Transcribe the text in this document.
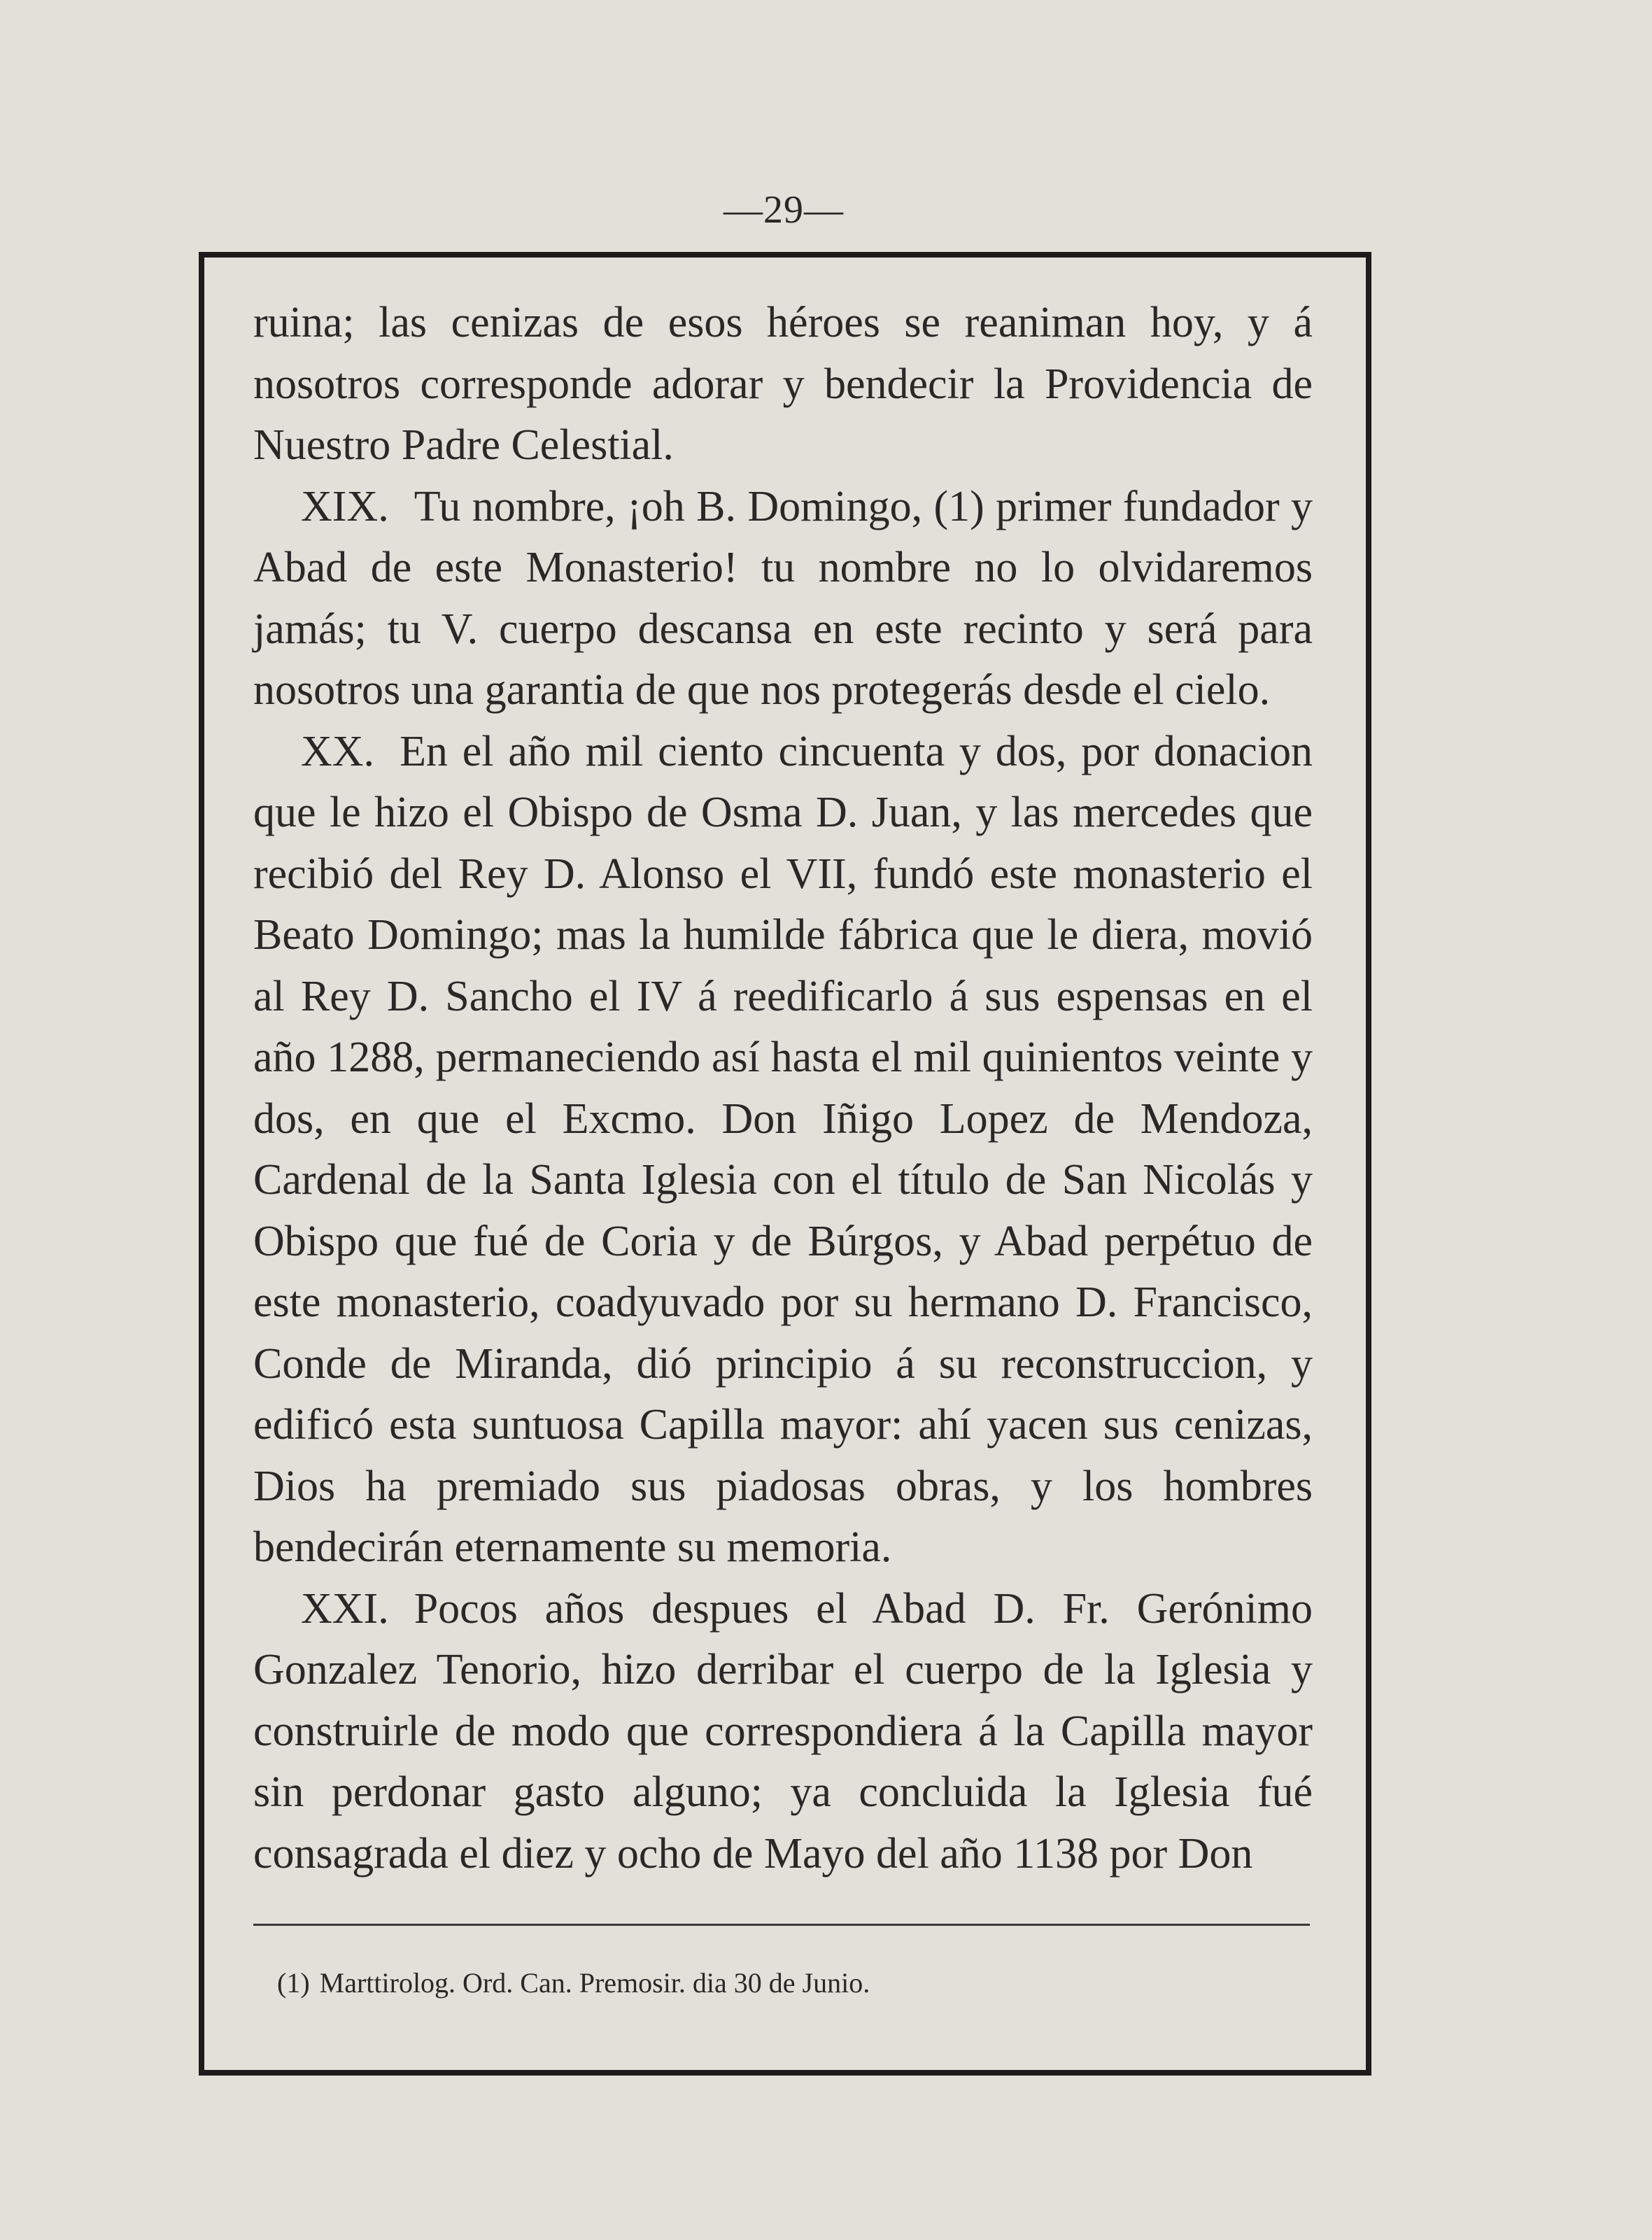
—29—

ruina; las cenizas de esos héroes se reaniman hoy, y á nosotros corresponde adorar y bendecir la Providencia de Nuestro Padre Celestial.

XIX. Tu nombre, ¡oh B. Domingo, (1) primer fundador y Abad de este Monasterio! tu nombre no lo olvidaremos jamás; tu V. cuerpo descansa en este recinto y será para nosotros una garantia de que nos protegerás desde el cielo.

XX. En el año mil ciento cincuenta y dos, por donacion que le hizo el Obispo de Osma D. Juan, y las mercedes que recibió del Rey D. Alonso el VII, fundó este monasterio el Beato Domingo; mas la humilde fábrica que le diera, movió al Rey D. Sancho el IV á reedificarlo á sus espensas en el año 1288, permaneciendo así hasta el mil quinientos veinte y dos, en que el Excmo. Don Iñigo Lopez de Mendoza, Cardenal de la Santa Iglesia con el título de San Nicolás y Obispo que fué de Coria y de Búrgos, y Abad perpétuo de este monasterio, coadyuvado por su hermano D. Francisco, Conde de Miranda, dió principio á su reconstruccion, y edificó esta suntuosa Capilla mayor: ahí yacen sus cenizas, Dios ha premiado sus piadosas obras, y los hombres bendecirán eternamente su memoria.

XXI. Pocos años despues el Abad D. Fr. Gerónimo Gonzalez Tenorio, hizo derribar el cuerpo de la Iglesia y construirle de modo que correspondiera á la Capilla mayor sin perdonar gasto alguno; ya concluida la Iglesia fué consagrada el diez y ocho de Mayo del año 1138 por Don

(1) Marttirolog. Ord. Can. Premosir. dia 30 de Junio.
